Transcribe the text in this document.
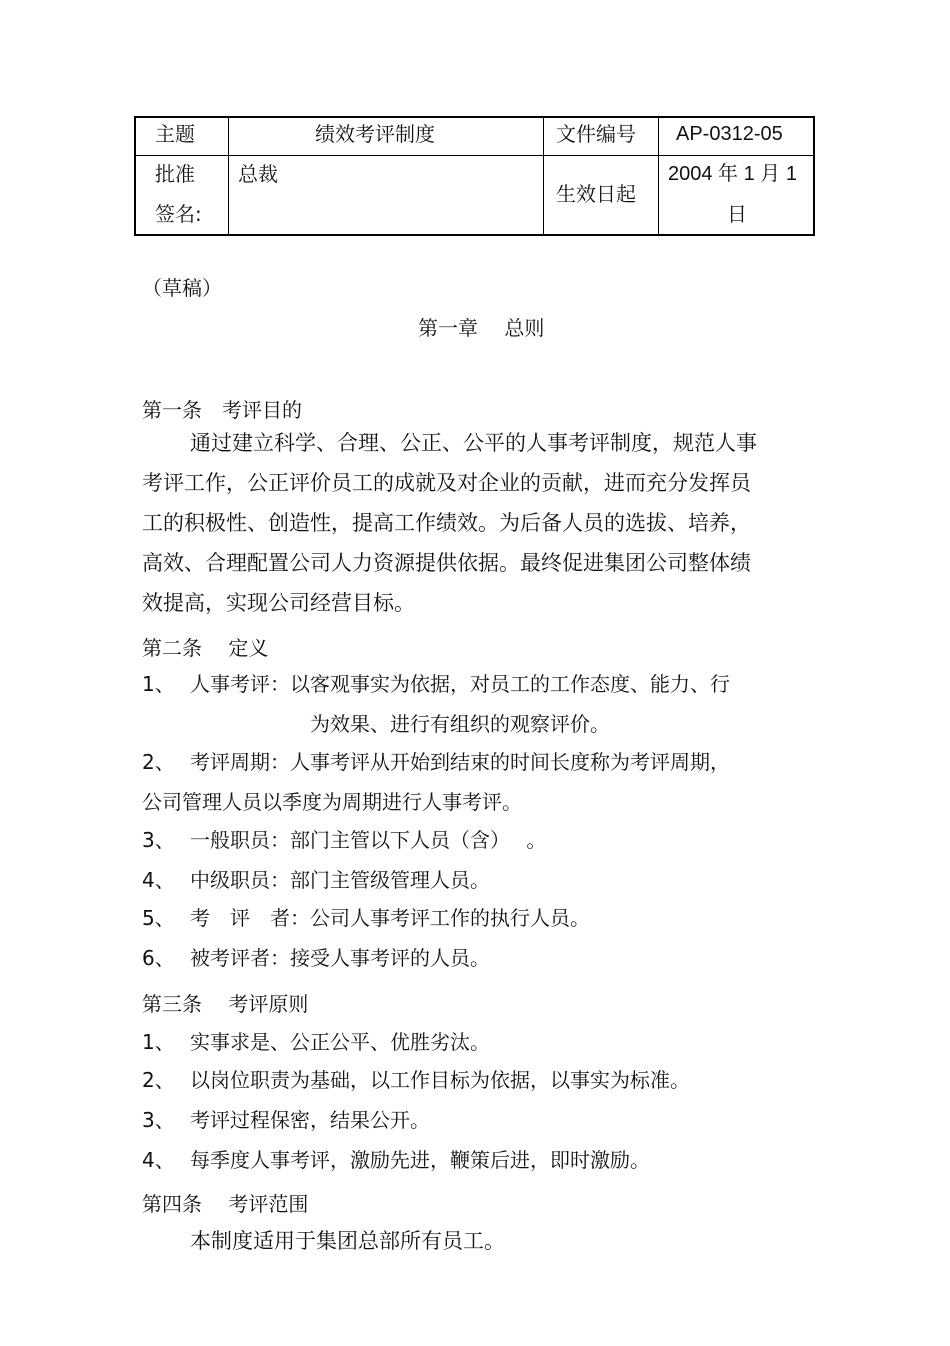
主题	绩效考评制度	文件编号 AP-0312-05
批准
签名:
总裁
生效日起
2004 年 1 月 1
日
（草稿）
第一章　 总则
第一条　考评目的
通过建立科学、合理、公正、公平的人事考评制度，规范人事
考评工作，公正评价员工的成就及对企业的贡献，进而充分发挥员
工的积极性、创造性，提高工作绩效。为后备人员的选拔、培养，
高效、合理配置公司人力资源提供依据。最终促进集团公司整体绩
效提高，实现公司经营目标。
第二条　 定义
1、 人事考评：以客观事实为依据，对员工的工作态度、能力、行
为效果、进行有组织的观察评价。
2、 考评周期：人事考评从开始到结束的时间长度称为考评周期，
公司管理人员以季度为周期进行人事考评。
3、 一般职员：部门主管以下人员（含）　 。
4、 中级职员：部门主管级管理人员。
5、 考　评　者：公司人事考评工作的执行人员。
6、 被考评者：接受人事考评的人员。
第三条　 考评原则
1、 实事求是、公正公平、优胜劣汰。
2、 以岗位职责为基础，以工作目标为依据，以事实为标准。
3、 考评过程保密，结果公开。
4、 每季度人事考评，激励先进，鞭策后进，即时激励。
第四条　 考评范围
本制度适用于集团总部所有员工。
